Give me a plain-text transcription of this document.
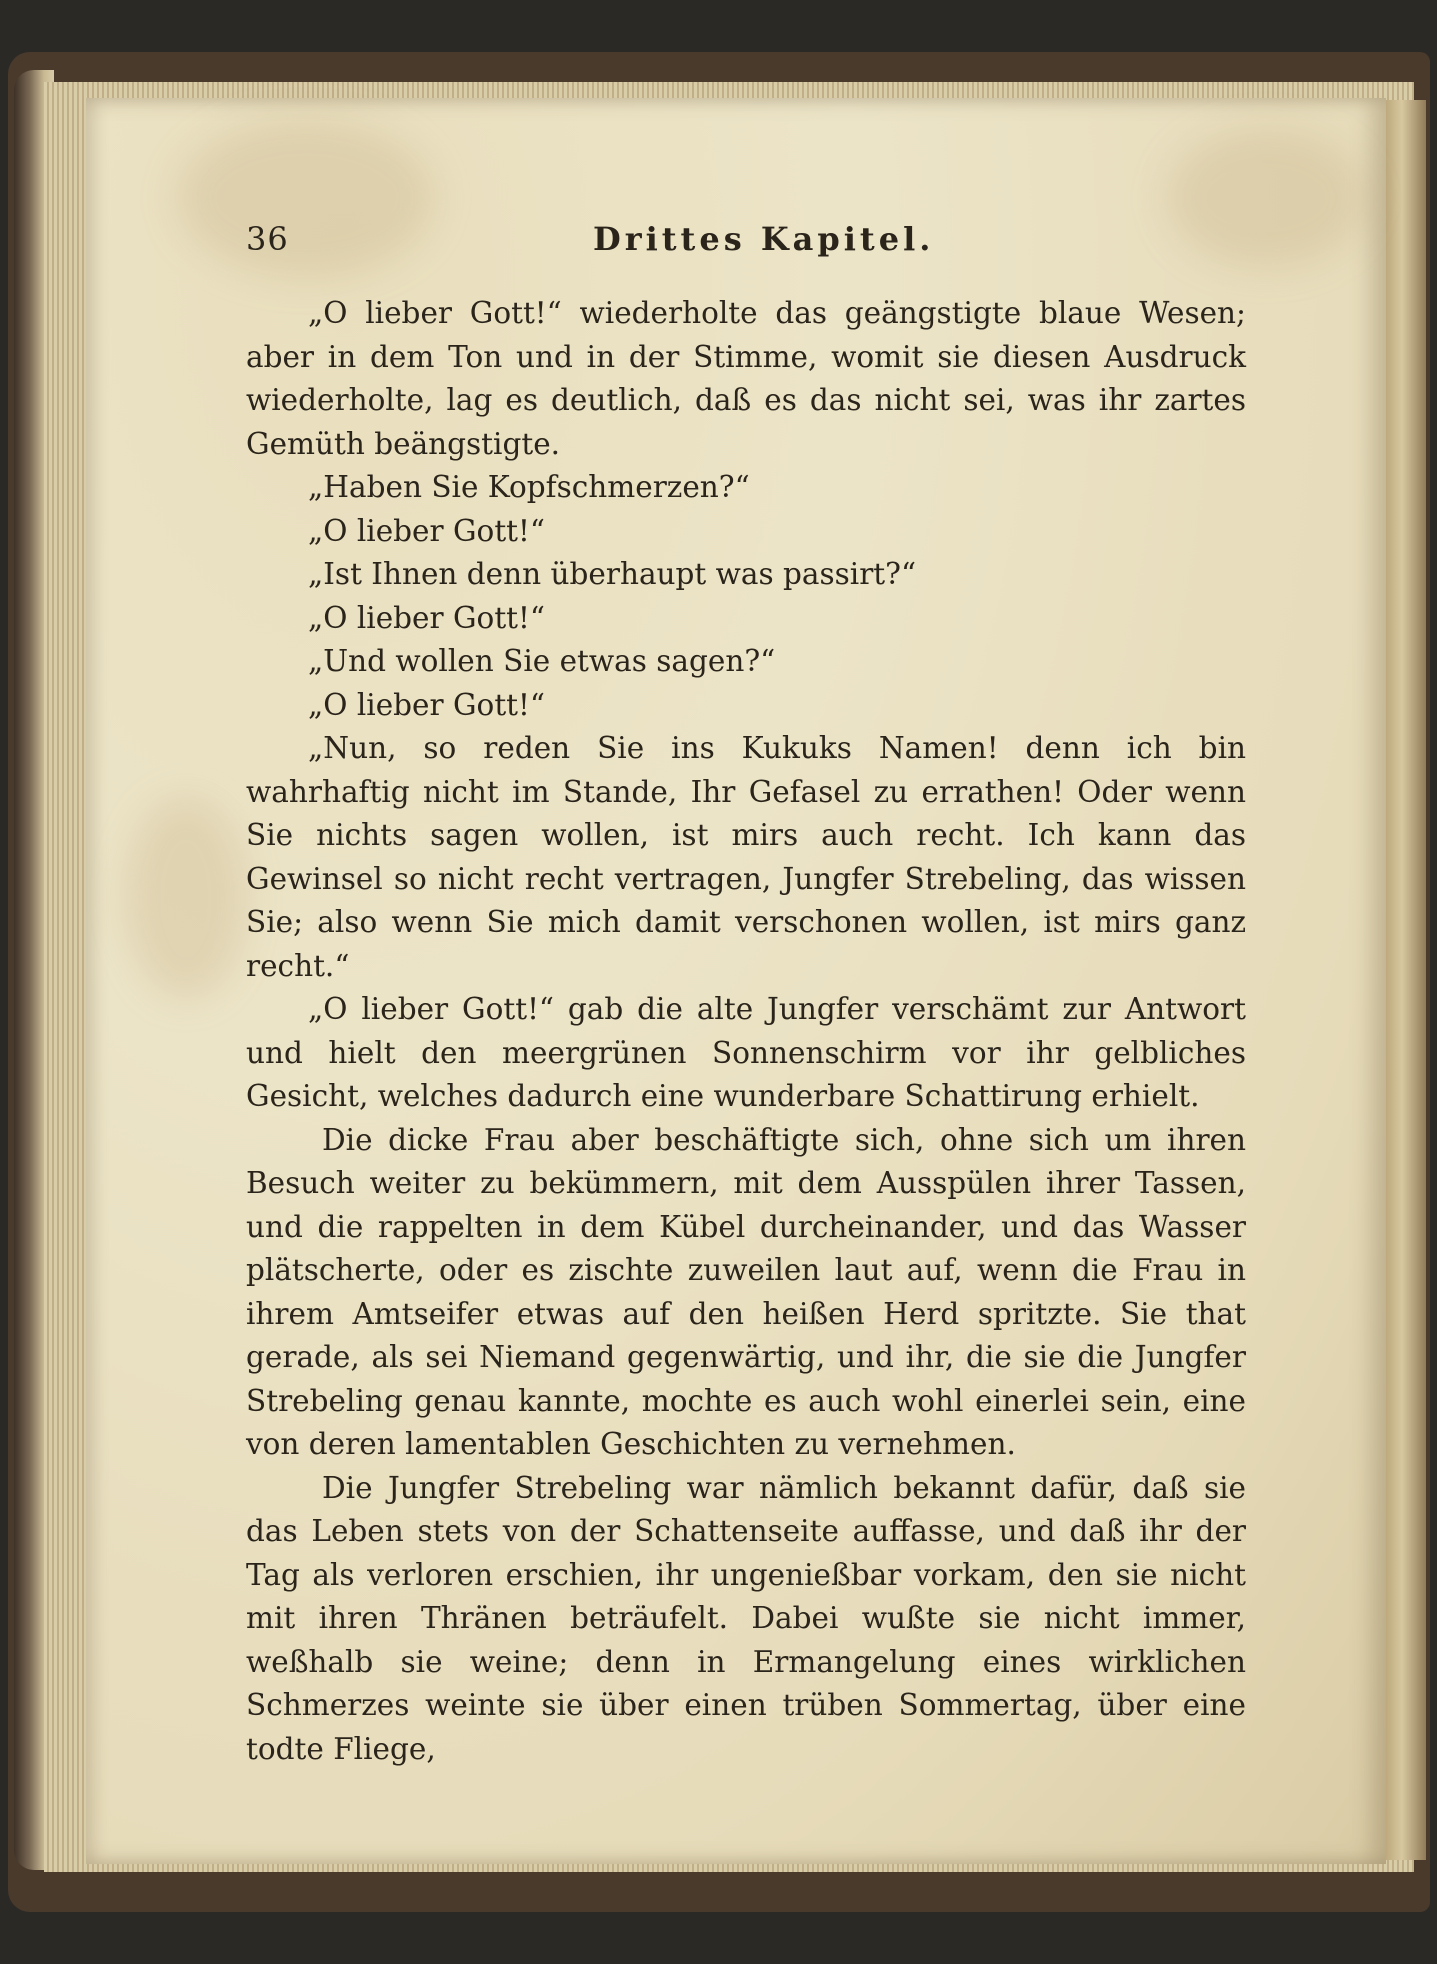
36	Drittes Kapitel.

„O lieber Gott!“ wiederholte das geängstigte blaue Wesen; aber in dem Ton und in der Stimme, womit sie diesen Ausdruck wiederholte, lag es deutlich, daß es das nicht sei, was ihr zartes Gemüth beängstigte.

„Haben Sie Kopfschmerzen?“

„O lieber Gott!“

„Ist Ihnen denn überhaupt was passirt?“

„O lieber Gott!“

„Und wollen Sie etwas sagen?“

„O lieber Gott!“

„Nun, so reden Sie ins Kukuks Namen! denn ich bin wahrhaftig nicht im Stande, Ihr Gefasel zu errathen! Oder wenn Sie nichts sagen wollen, ist mirs auch recht. Ich kann das Gewinsel so nicht recht vertragen, Jungfer Strebeling, das wissen Sie; also wenn Sie mich damit verschonen wollen, ist mirs ganz recht.“

„O lieber Gott!“ gab die alte Jungfer verschämt zur Antwort und hielt den meergrünen Sonnenschirm vor ihr gelbliches Gesicht, welches dadurch eine wunderbare Schattirung erhielt.

Die dicke Frau aber beschäftigte sich, ohne sich um ihren Besuch weiter zu bekümmern, mit dem Ausspülen ihrer Tassen, und die rappelten in dem Kübel durcheinander, und das Wasser plätscherte, oder es zischte zuweilen laut auf, wenn die Frau in ihrem Amtseifer etwas auf den heißen Herd spritzte. Sie that gerade, als sei Niemand gegenwärtig, und ihr, die sie die Jungfer Strebeling genau kannte, mochte es auch wohl einerlei sein, eine von deren lamentablen Geschichten zu vernehmen.

Die Jungfer Strebeling war nämlich bekannt dafür, daß sie das Leben stets von der Schattenseite auffasse, und daß ihr der Tag als verloren erschien, ihr ungenießbar vorkam, den sie nicht mit ihren Thränen beträufelt. Dabei wußte sie nicht immer, weßhalb sie weine; denn in Ermangelung eines wirklichen Schmerzes weinte sie über einen trüben Sommertag, über eine todte Fliege,
